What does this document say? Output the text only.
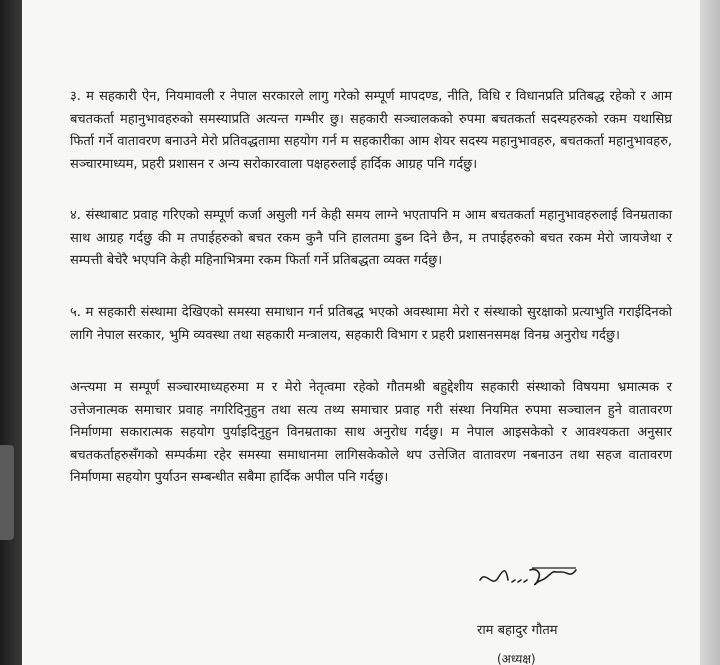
३. म सहकारी ऐन, नियमावली र नेपाल सरकारले लागु गरेको सम्पूर्ण मापदण्ड, नीति, विधि र विधानप्रति प्रतिबद्ध रहेको र आम बचतकर्ता महानुभावहरुको समस्याप्रति अत्यन्त गम्भीर छु। सहकारी सञ्चालकको रुपमा बचतकर्ता सदस्यहरुको रकम यथासिघ्र फिर्ता गर्ने वातावरण बनाउने मेरो प्रतिवद्धतामा सहयोग गर्न म सहकारीका आम शेयर सदस्य महानुभावहरु, बचतकर्ता महानुभावहरु, सञ्चारमाध्यम, प्रहरी प्रशासन र अन्य सरोकारवाला पक्षहरुलाई हार्दिक आग्रह पनि गर्दछु।

४. संस्थाबाट प्रवाह गरिएको सम्पूर्ण कर्जा असुली गर्न केही समय लाग्ने भएतापनि म आम बचतकर्ता महानुभावहरुलाई विनम्रताका साथ आग्रह गर्दछु की म तपाईहरुको बचत रकम कुनै पनि हालतमा डुब्न दिने छैन, म तपाईहरुको बचत रकम मेरो जायजेथा र सम्पत्ती बेचेरै भएपनि केही महिनाभित्रमा रकम फिर्ता गर्ने प्रतिबद्धता व्यक्त गर्दछु।

५. म सहकारी संस्थामा देखिएको समस्या समाधान गर्न प्रतिबद्ध भएको अवस्थामा मेरो र संस्थाको सुरक्षाको प्रत्याभुति गराईदिनको लागि नेपाल सरकार, भुमि व्यवस्था तथा सहकारी मन्त्रालय, सहकारी विभाग र प्रहरी प्रशासनसमक्ष विनम्र अनुरोध गर्दछु।

अन्त्यमा म सम्पूर्ण सञ्चारमाध्यहरुमा म र मेरो नेतृत्वमा रहेको गौतमश्री बहुद्देशीय सहकारी संस्थाको विषयमा भ्रमात्मक र उत्तेजनात्मक समाचार प्रवाह नगरिदिनुहुन तथा सत्य तथ्य समाचार प्रवाह गरी संस्था नियमित रुपमा सञ्चालन हुने वातावरण निर्माणमा सकारात्मक सहयोग पुर्याइदिनुहुन विनम्रताका साथ अनुरोध गर्दछु। म नेपाल आइसकेको र आवश्यकता अनुसार बचतकर्ताहरुसँगको सम्पर्कमा रहेर समस्या समाधानमा लागिसकेकोले थप उत्तेजित वातावरण नबनाउन तथा सहज वातावरण निर्माणमा सहयोग पुर्याउन सम्बन्धीत सबैमा हार्दिक अपील पनि गर्दछु।

राम बहादुर गौतम

(अध्यक्ष)
